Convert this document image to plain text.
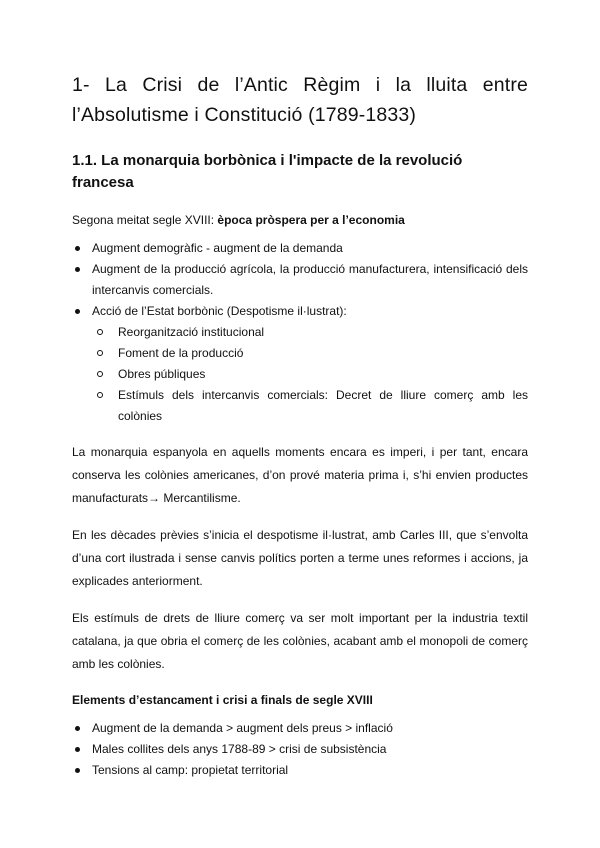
1- La Crisi de l’Antic Règim i la lluita entre l’Absolutisme i Constitució (1789-1833)
1.1. La monarquia borbònica i l'impacte de la revolució francesa

Segona meitat segle XVIII: època pròspera per a l’economia

Augment demogràfic - augment de la demanda
Augment de la producció agrícola, la producció manufacturera, intensificació dels intercanvis comercials.
Acció de l’Estat borbònic (Despotisme il·lustrat):
Reorganització institucional
Foment de la producció
Obres públiques
Estímuls dels intercanvis comercials: Decret de lliure comerç amb les colònies

La monarquia espanyola en aquells moments encara es imperi, i per tant, encara conserva les colònies americanes, d’on prové materia prima i, s’hi envien productes manufacturats→ Mercantilisme.

En les dècades prèvies s’inicia el despotisme il·lustrat, amb Carles III, que s’envolta d’una cort ilustrada i sense canvis polítics porten a terme unes reformes i accions, ja explicades anteriorment.

Els estímuls de drets de lliure comerç va ser molt important per la industria textil catalana, ja que obria el comerç de les colònies, acabant amb el monopoli de comerç amb les colònies.

Elements d’estancament i crisi a finals de segle XVIII
Augment de la demanda > augment dels preus > inflació
Males collites dels anys 1788-89 > crisi de subsistència
Tensions al camp: propietat territorial
